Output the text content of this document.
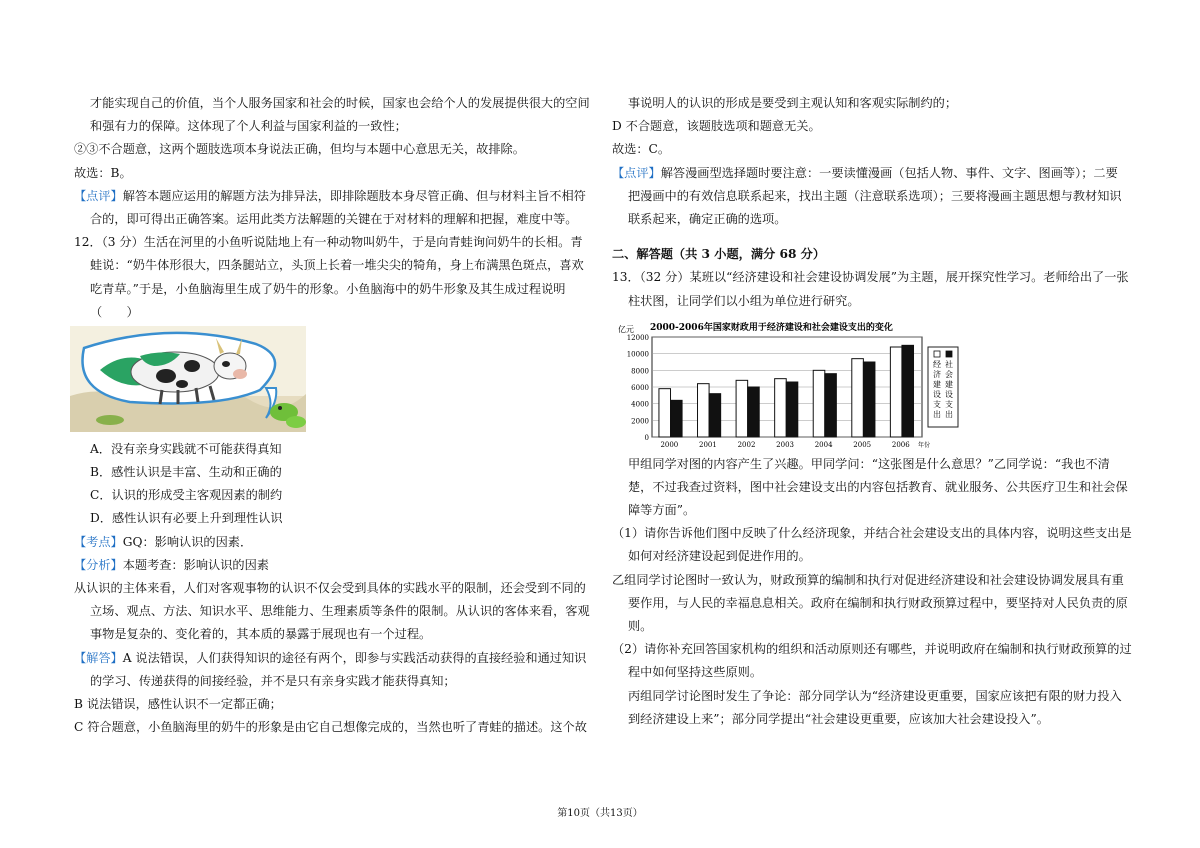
才能实现自己的价值，当个人服务国家和社会的时候，国家也会给个人的发展提供很大的空间
和强有力的保障。这体现了个人利益与国家利益的一致性；
②③不合题意，这两个题肢选项本身说法正确，但均与本题中心意思无关，故排除。
故选：B。
【点评】解答本题应运用的解题方法为排异法，即排除题肢本身尽管正确、但与材料主旨不相符
合的，即可得出正确答案。运用此类方法解题的关键在于对材料的理解和把握，难度中等。
12．（3 分）生活在河里的小鱼听说陆地上有一种动物叫奶牛，于是向青蛙询问奶牛的长相。青
蛙说：“奶牛体形很大，四条腿站立，头顶上长着一堆尖尖的犄角，身上布满黑色斑点，喜欢
吃青草。”于是，小鱼脑海里生成了奶牛的形象。小鱼脑海中的奶牛形象及其生成过程说明
（　　）
A．没有亲身实践就不可能获得真知
B．感性认识是丰富、生动和正确的
C．认识的形成受主客观因素的制约
D．感性认识有必要上升到理性认识
【考点】GQ：影响认识的因素．
【分析】本题考查：影响认识的因素
从认识的主体来看，人们对客观事物的认识不仅会受到具体的实践水平的限制，还会受到不同的
立场、观点、方法、知识水平、思维能力、生理素质等条件的限制。从认识的客体来看，客观
事物是复杂的、变化着的，其本质的暴露于展现也有一个过程。
【解答】A 说法错误，人们获得知识的途径有两个，即参与实践活动获得的直接经验和通过知识
的学习、传递获得的间接经验，并不是只有亲身实践才能获得真知；
B 说法错误，感性认识不一定都正确；
C 符合题意，小鱼脑海里的奶牛的形象是由它自己想像完成的，当然也听了青蛙的描述。这个故
事说明人的认识的形成是要受到主观认知和客观实际制约的；
D 不合题意，该题肢选项和题意无关。
故选：C。
【点评】解答漫画型选择题时要注意：一要读懂漫画（包括人物、事件、文字、图画等）；二要
把漫画中的有效信息联系起来，找出主题（注意联系选项）；三要将漫画主题思想与教材知识
联系起来，确定正确的选项。
二、解答题（共 3 小题，满分 68 分）
13．（32 分）某班以“经济建设和社会建设协调发展”为主题，展开探究性学习。老师给出了一张
柱状图，让同学们以小组为单位进行研究。
亿元 2000-2006年国家财政用于经济建设和社会建设支出的变化
0
2000
4000
6000
8000
10000
12000
2000	2001	2002	2003	2004	2005	2006 年份
经
济
建
设
支
出
社
会
建
设
支
出
甲组同学对图的内容产生了兴趣。甲同学问：“这张图是什么意思？”乙同学说：“我也不清
楚，不过我查过资料，图中社会建设支出的内容包括教育、就业服务、公共医疗卫生和社会保
障等方面”。
（1）请你告诉他们图中反映了什么经济现象，并结合社会建设支出的具体内容，说明这些支出是
如何对经济建设起到促进作用的。
乙组同学讨论图时一致认为，财政预算的编制和执行对促进经济建设和社会建设协调发展具有重
要作用，与人民的幸福息息相关。政府在编制和执行财政预算过程中，要坚持对人民负责的原
则。
（2）请你补充回答国家机构的组织和活动原则还有哪些，并说明政府在编制和执行财政预算的过
程中如何坚持这些原则。
丙组同学讨论图时发生了争论：部分同学认为“经济建设更重要，国家应该把有限的财力投入
到经济建设上来”；部分同学提出“社会建设更重要，应该加大社会建设投入”。
第10页（共13页）
